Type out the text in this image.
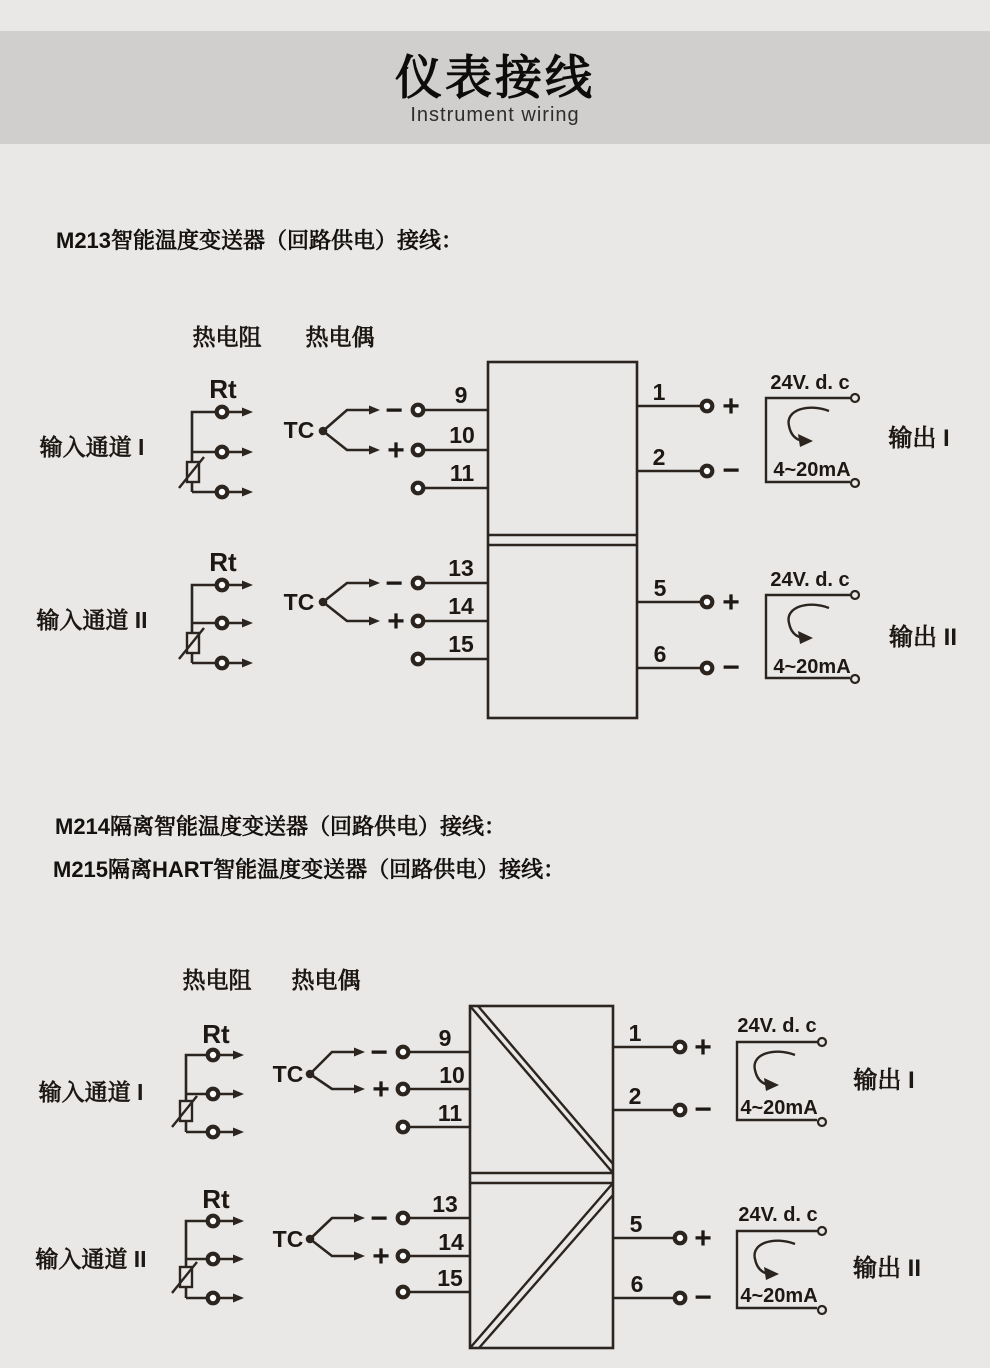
仪表接线
Instrument wiring
M213智能温度变送器（回路供电）接线：
热电阻 热电偶
输入通道 I
Rt
TC
−
+
9
10
11
输入通道 II
Rt
TC
−
+
13
14
15
1
2
+
−
24V. d. c
4~20mA
输出 I
5
6
+
−
24V. d. c
4~20mA
输出 II
M214隔离智能温度变送器（回路供电）接线：
M215隔离HART智能温度变送器（回路供电）接线：
热电阻 热电偶
输入通道 I
Rt
TC
−
+
9
10
11
输入通道 II
Rt
TC
−
+
13
14
15
1
2
+
−
24V. d. c
4~20mA
输出 I
5
6
+
−
24V. d. c
4~20mA
输出 II
